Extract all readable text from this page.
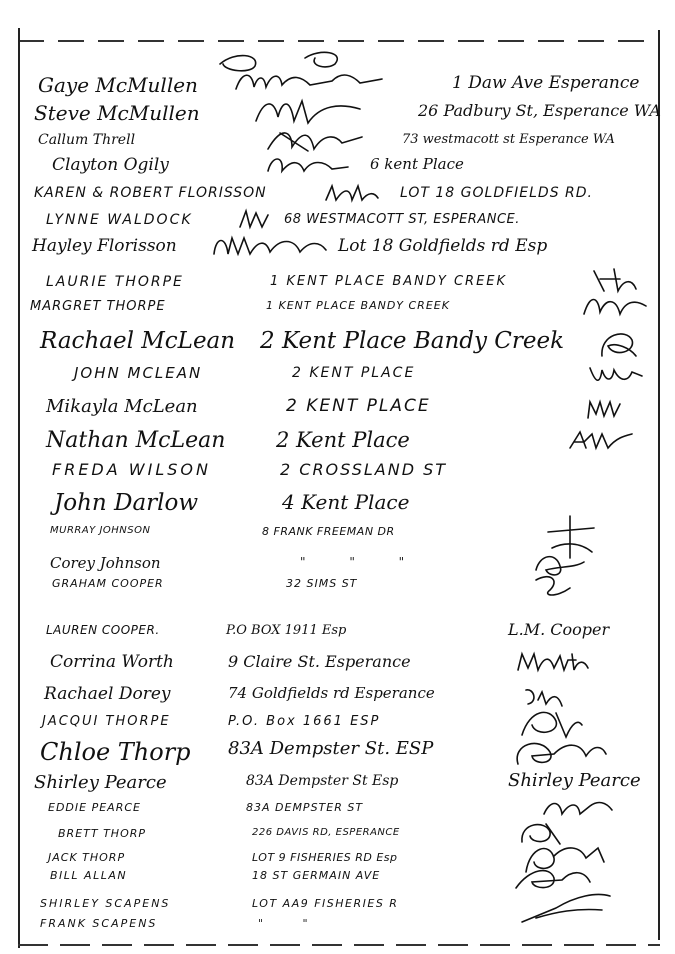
Gaye McMullen	1 Daw Ave Esperance
Steve McMullen	26 Padbury St, Esperance WA
Callum Threll	73 westmacott st Esperance WA
Clayton Ogily	6 kent Place
KAREN & ROBERT FLORISSON	LOT 18 GOLDFIELDS RD.
LYNNE WALDOCK	68 WESTMACOTT ST, ESPERANCE.
Hayley Florisson	Lot 18 Goldfields rd Esp
LAURIE THORPE	1 KENT PLACE BANDY CREEK
MARGRET THORPE	1 KENT PLACE BANDY CREEK
Rachael McLean 2 Kent Place Bandy Creek
JOHN MCLEAN	2 KENT PLACE
Mikayla McLean	2 KENT PLACE
Nathan McLean 2 Kent Place
FREDA WILSON	2 CROSSLAND ST
John Darlow	4 Kent Place
MURRAY JOHNSON	8 FRANK FREEMAN DR
Corey Johnson	" " "
GRAHAM COOPER	32 SIMS ST
LAUREN COOPER.	P.O BOX 1911 Esp	L.M. Cooper
Corrina Worth	9 Claire St. Esperance
Rachael Dorey	74 Goldfields rd Esperance
JACQUI THORPE	P.O. Box 1661 ESP
Chloe Thorp 83A Dempster St. ESP
Shirley Pearce	83A Dempster St Esp	Shirley Pearce
EDDIE PEARCE	83A DEMPSTER ST
BRETT THORP	226 DAVIS RD, ESPERANCE
JACK THORP	LOT 9 FISHERIES RD Esp
BILL ALLAN	18 ST GERMAIN AVE
SHIRLEY SCAPENS	LOT AA9 FISHERIES R
FRANK SCAPENS	" "
